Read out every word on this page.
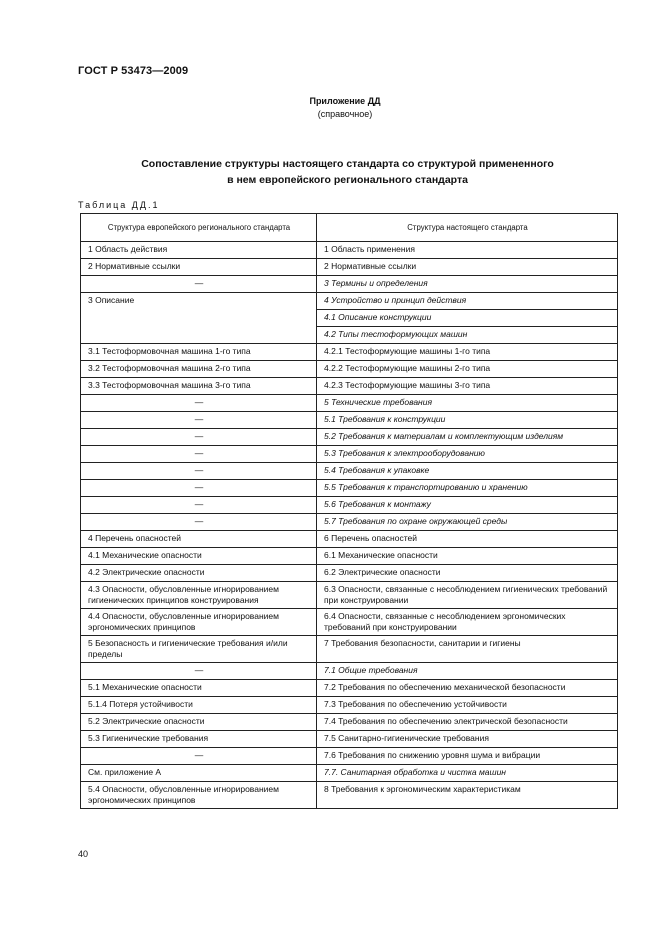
ГОСТ Р 53473—2009
Приложение ДД
(справочное)
Сопоставление структуры настоящего стандарта со структурой примененного
в нем европейского регионального стандарта
Таблица ДД.1
Структура европейского регионального стандарта	Структура настоящего стандарта
1 Область действия	1 Область применения
2 Нормативные ссылки	2 Нормативные ссылки
—	3 Термины и определения
3 Описание	4 Устройство и принцип действия
	4.1 Описание конструкции
	4.2 Типы тестоформующих машин
3.1 Тестоформовочная машина 1-го типа	4.2.1 Тестоформующие машины 1-го типа
3.2 Тестоформовочная машина 2-го типа	4.2.2 Тестоформующие машины 2-го типа
3.3 Тестоформовочная машина 3-го типа	4.2.3 Тестоформующие машины 3-го типа
—	5 Технические требования
—	5.1 Требования к конструкции
—	5.2 Требования к материалам и комплектующим изделиям
—	5.3 Требования к электрооборудованию
—	5.4 Требования к упаковке
—	5.5 Требования к транспортированию и хранению
—	5.6 Требования к монтажу
—	5.7 Требования по охране окружающей среды
4 Перечень опасностей	6 Перечень опасностей
4.1 Механические опасности	6.1 Механические опасности
4.2 Электрические опасности	6.2 Электрические опасности
4.3 Опасности, обусловленные игнорированием гигиенических принципов конструирования	6.3 Опасности, связанные с несоблюдением гигиенических требований при конструировании
4.4 Опасности, обусловленные игнорированием эргономических принципов	6.4 Опасности, связанные с несоблюдением эргономических требований при конструировании
5 Безопасность и гигиенические требования и/или пределы	7 Требования безопасности, санитарии и гигиены
—	7.1 Общие требования
5.1 Механические опасности	7.2 Требования по обеспечению механической безопасности
5.1.4 Потеря устойчивости	7.3 Требования по обеспечению устойчивости
5.2 Электрические опасности	7.4 Требования по обеспечению электрической безопасности
5.3 Гигиенические требования	7.5 Санитарно-гигиенические требования
—	7.6 Требования по снижению уровня шума и вибрации
См. приложение А	7.7. Санитарная обработка и чистка машин
5.4 Опасности, обусловленные игнорированием эргономических принципов	8 Требования к эргономическим характеристикам
40
